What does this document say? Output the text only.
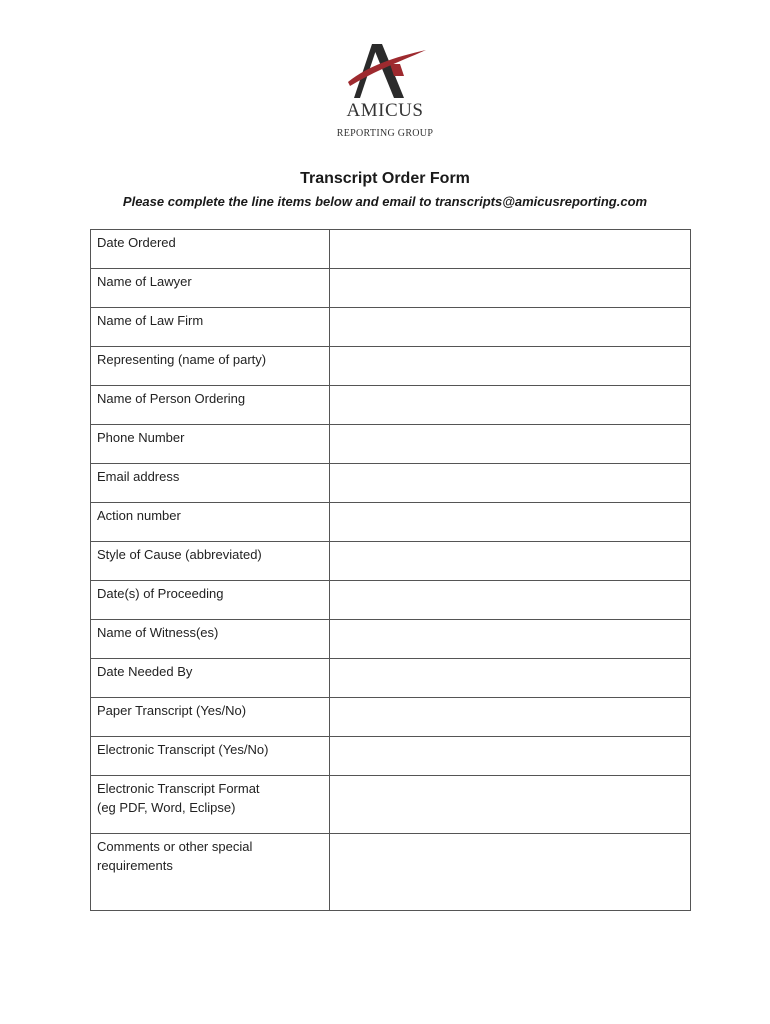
AMICUS
REPORTING GROUP
Transcript Order Form

Please complete the line items below and email to transcripts@amicusreporting.com

Date Ordered	
Name of Lawyer	
Name of Law Firm	
Representing (name of party)	
Name of Person Ordering	
Phone Number	
Email address	
Action number	
Style of Cause (abbreviated)	
Date(s) of Proceeding	
Name of Witness(es)	
Date Needed By	
Paper Transcript (Yes/No)	
Electronic Transcript (Yes/No)	
Electronic Transcript Format
(eg PDF, Word, Eclipse)	
Comments or other special
requirements	
